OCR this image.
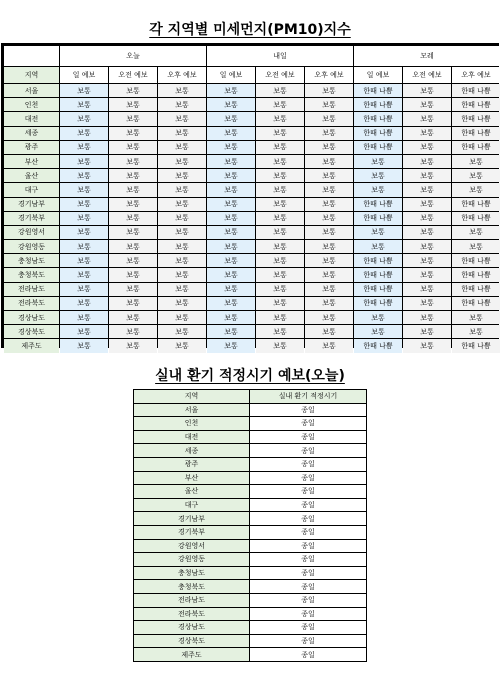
각 지역별 미세먼지(PM10)지수
오늘	내일	모레
지역	일 예보	오전 예보	오후 예보	일 예보	오전 예보	오후 예보	일 예보	오전 예보	오후 예보
서울	보통	보통	보통	보통	보통	보통	한때 나쁨	보통	한때 나쁨
인천	보통	보통	보통	보통	보통	보통	한때 나쁨	보통	한때 나쁨
대전	보통	보통	보통	보통	보통	보통	한때 나쁨	보통	한때 나쁨
세종	보통	보통	보통	보통	보통	보통	한때 나쁨	보통	한때 나쁨
광주	보통	보통	보통	보통	보통	보통	한때 나쁨	보통	한때 나쁨
부산	보통	보통	보통	보통	보통	보통	보통	보통	보통
울산	보통	보통	보통	보통	보통	보통	보통	보통	보통
대구	보통	보통	보통	보통	보통	보통	보통	보통	보통
경기남부	보통	보통	보통	보통	보통	보통	한때 나쁨	보통	한때 나쁨
경기북부	보통	보통	보통	보통	보통	보통	한때 나쁨	보통	한때 나쁨
강원영서	보통	보통	보통	보통	보통	보통	보통	보통	보통
강원영동	보통	보통	보통	보통	보통	보통	보통	보통	보통
충청남도	보통	보통	보통	보통	보통	보통	한때 나쁨	보통	한때 나쁨
충청북도	보통	보통	보통	보통	보통	보통	한때 나쁨	보통	한때 나쁨
전라남도	보통	보통	보통	보통	보통	보통	한때 나쁨	보통	한때 나쁨
전라북도	보통	보통	보통	보통	보통	보통	한때 나쁨	보통	한때 나쁨
경상남도	보통	보통	보통	보통	보통	보통	보통	보통	보통
경상북도	보통	보통	보통	보통	보통	보통	보통	보통	보통
제주도	보통	보통	보통	보통	보통	보통	한때 나쁨	보통	한때 나쁨
실내 환기 적정시기 예보(오늘)
지역	실내 환기 적정시기
서울	종일
인천	종일
대전	종일
세종	종일
광주	종일
부산	종일
울산	종일
대구	종일
경기남부	종일
경기북부	종일
강원영서	종일
강원영동	종일
충청남도	종일
충청북도	종일
전라남도	종일
전라북도	종일
경상남도	종일
경상북도	종일
제주도	종일
